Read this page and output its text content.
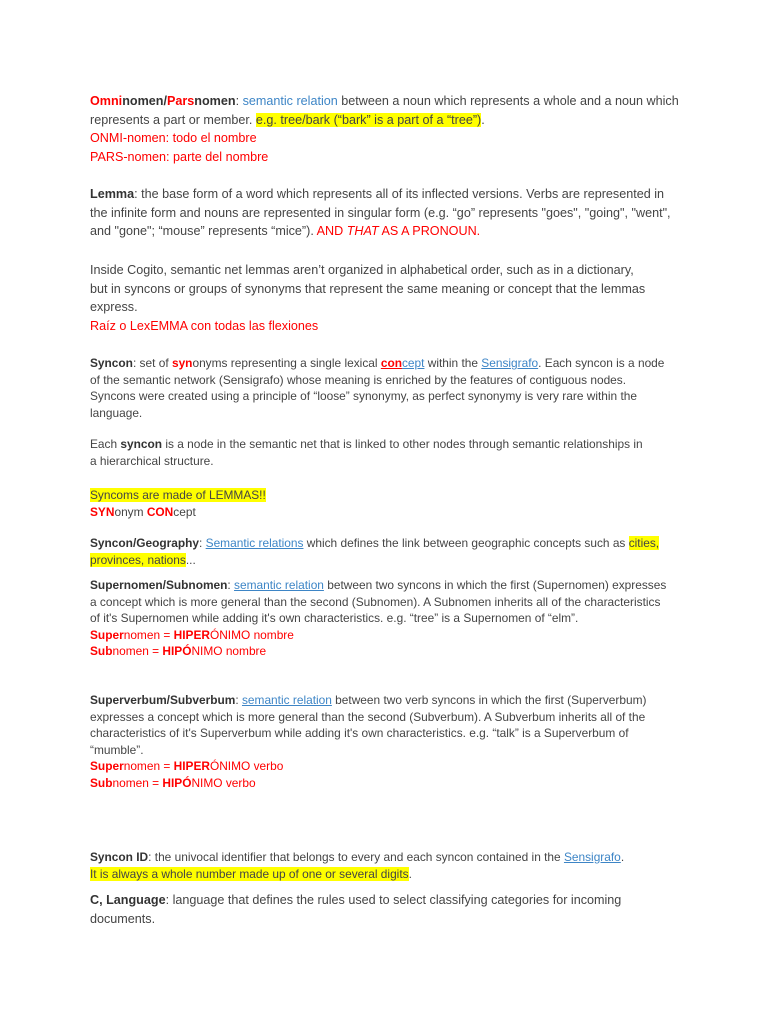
Omninomen/Parsnomen: semantic relation between a noun which represents a whole and a noun which represents a part or member. e.g. tree/bark (“bark” is a part of a “tree”).
ONMI-nomen: todo el nombre
PARS-nomen: parte del nombre

Lemma: the base form of a word which represents all of its inflected versions. Verbs are represented in the infinite form and nouns are represented in singular form (e.g. “go” represents "goes", "going", "went", and "gone"; “mouse” represents “mice”). AND THAT AS A PRONOUN.

Inside Cogito, semantic net lemmas aren’t organized in alphabetical order, such as in a dictionary, but in syncons or groups of synonyms that represent the same meaning or concept that the lemmas express.
Raíz o LexEMMA con todas las flexiones

Syncon: set of synonyms representing a single lexical concept within the Sensigrafo. Each syncon is a node of the semantic network (Sensigrafo) whose meaning is enriched by the features of contiguous nodes. Syncons were created using a principle of “loose” synonymy, as perfect synonymy is very rare within the language.

Each syncon is a node in the semantic net that is linked to other nodes through semantic relationships in a hierarchical structure.

Syncoms are made of LEMMAS!!
SYNonym CONcept

Syncon/Geography: Semantic relations which defines the link between geographic concepts such as cities, provinces, nations...

Supernomen/Subnomen: semantic relation between two syncons in which the first (Supernomen) expresses a concept which is more general than the second (Subnomen). A Subnomen inherits all of the characteristics of it's Supernomen while adding it's own characteristics. e.g. “tree” is a Supernomen of “elm”.
Supernomen = HIPERÓNIMO nombre
Subnomen = HIPÓNIMO nombre

Superverbum/Subverbum: semantic relation between two verb syncons in which the first (Superverbum) expresses a concept which is more general than the second (Subverbum). A Subverbum inherits all of the characteristics of it's Superverbum while adding it's own characteristics. e.g. “talk” is a Superverbum of “mumble”.
Supernomen = HIPERÓNIMO verbo
Subnomen = HIPÓNIMO verbo

Syncon ID: the univocal identifier that belongs to every and each syncon contained in the Sensigrafo. It is always a whole number made up of one or several digits.

C, Language: language that defines the rules used to select classifying categories for incoming documents.
